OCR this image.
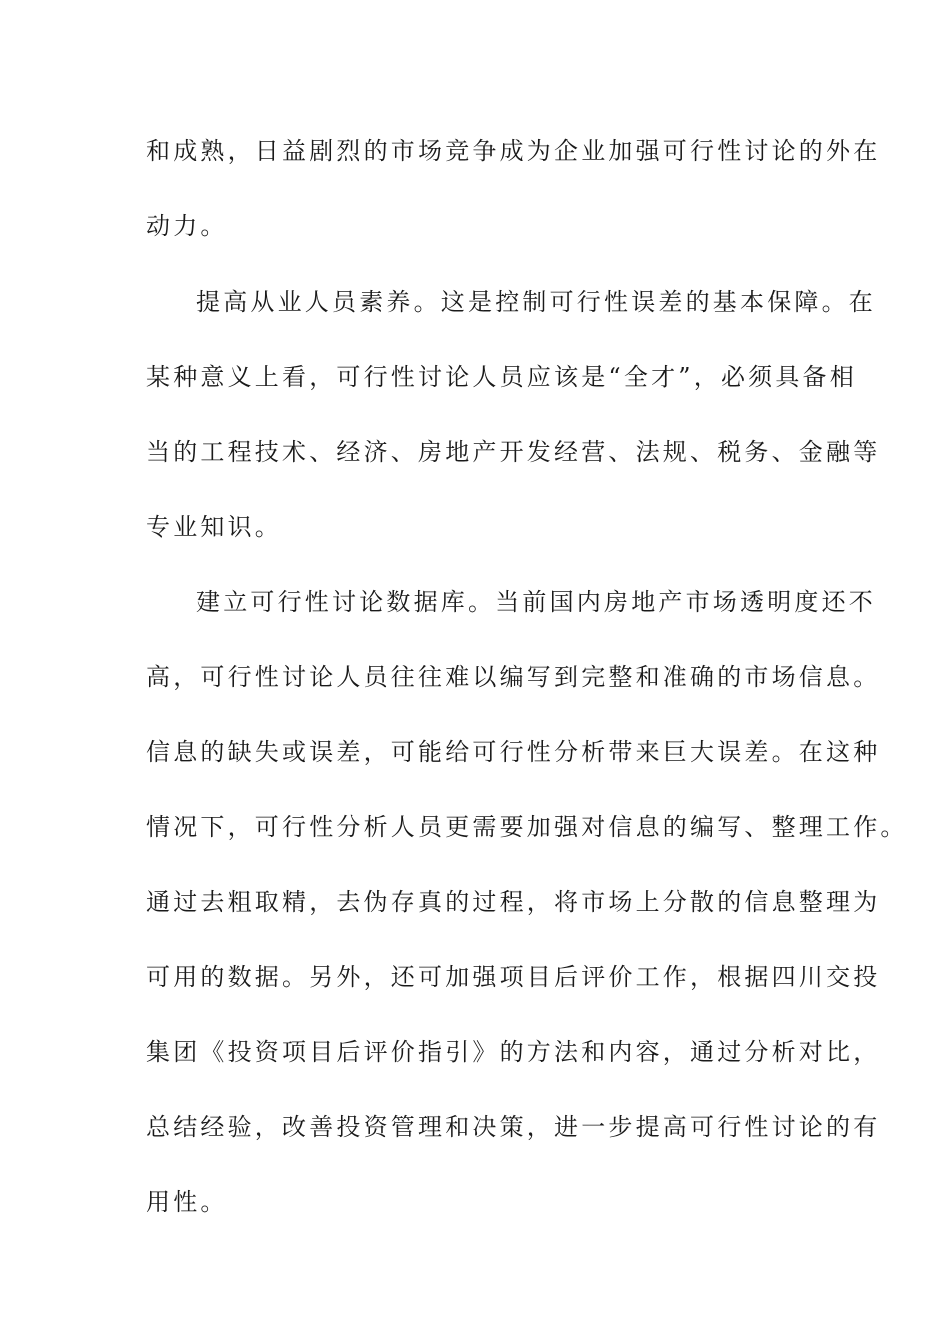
和成熟，日益剧烈的市场竞争成为企业加强可行性讨论的外在
动力。
提高从业人员素养。这是控制可行性误差的基本保障。在
某种意义上看，可行性讨论人员应该是“全才”，必须具备相
当的工程技术、经济、房地产开发经营、法规、税务、金融等
专业知识。
建立可行性讨论数据库。当前国内房地产市场透明度还不
高，可行性讨论人员往往难以编写到完整和准确的市场信息。
信息的缺失或误差，可能给可行性分析带来巨大误差。在这种
情况下，可行性分析人员更需要加强对信息的编写、整理工作。
通过去粗取精，去伪存真的过程，将市场上分散的信息整理为
可用的数据。另外，还可加强项目后评价工作，根据四川交投
集团《投资项目后评价指引》的方法和内容，通过分析对比，
总结经验，改善投资管理和决策，进一步提高可行性讨论的有
用性。
